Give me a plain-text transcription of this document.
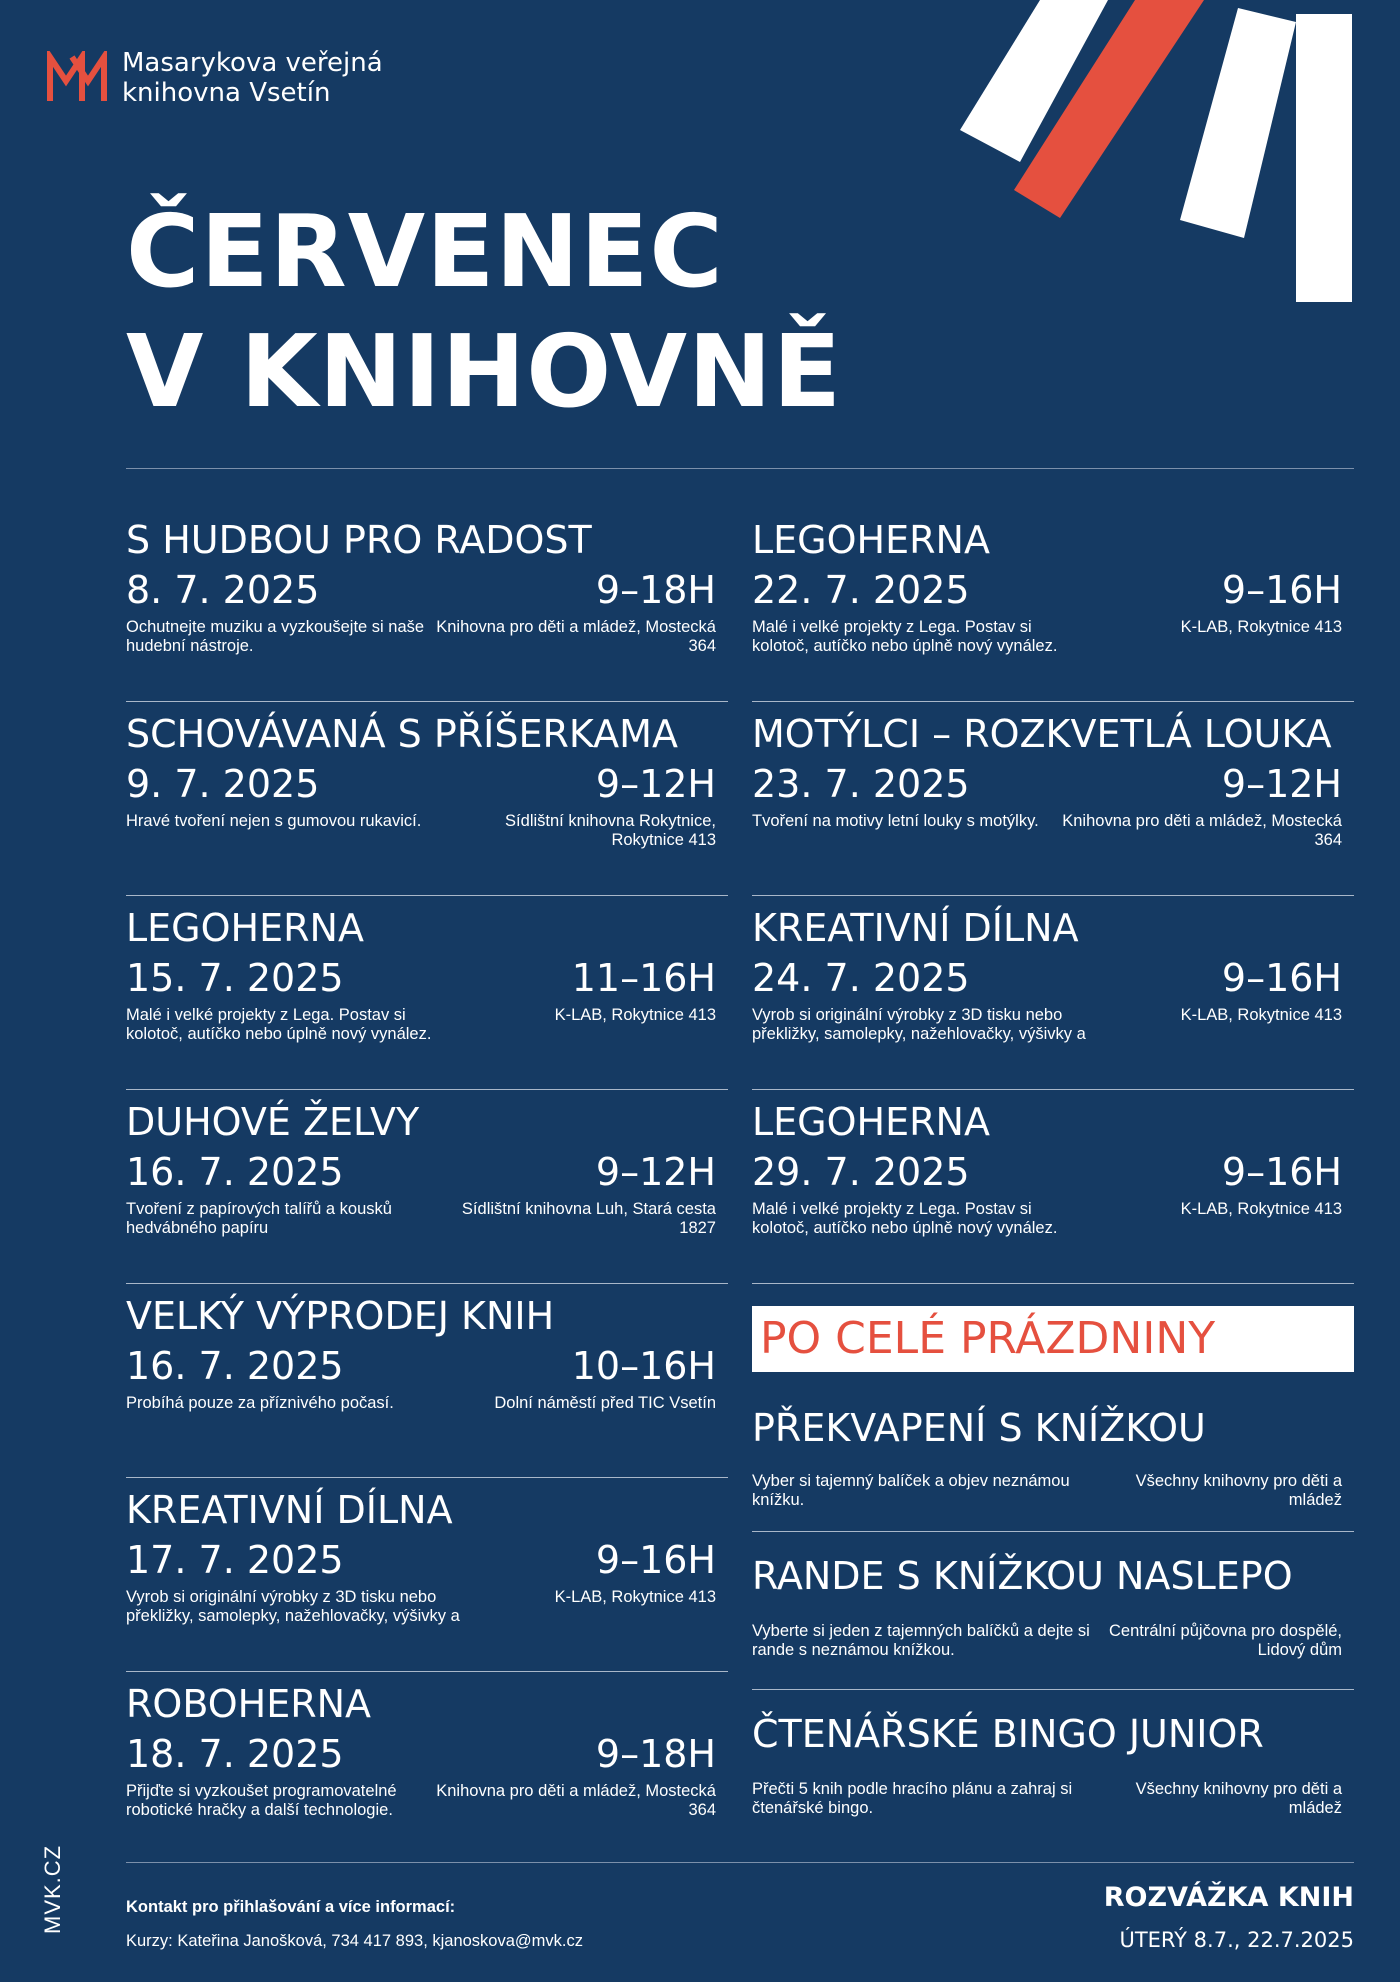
Masarykova veřejná
knihovna Vsetín
ČERVENEC
V KNIHOVNĚ
S HUDBOU PRO RADOST
8. 7. 2025	9–18H
Ochutnejte muziku a vyzkoušejte si naše hudební nástroje.
Knihovna pro děti a mládež, Mostecká 364
SCHOVÁVANÁ S PŘÍŠERKAMA
9. 7. 2025	9–12H
Hravé tvoření nejen s gumovou rukavicí.	Sídlištní knihovna Rokytnice, Rokytnice 413
LEGOHERNA
15. 7. 2025	11–16H
Malé i velké projekty z Lega. Postav si kolotoč, autíčko nebo úplně nový vynález.
K-LAB, Rokytnice 413
DUHOVÉ ŽELVY
16. 7. 2025	9–12H
Tvoření z papírových talířů a kousků hedvábného papíru
Sídlištní knihovna Luh, Stará cesta 1827
VELKÝ VÝPRODEJ KNIH
16. 7. 2025	10–16H
Probíhá pouze za příznivého počasí.	Dolní náměstí před TIC Vsetín
KREATIVNÍ DÍLNA
17. 7. 2025	9–16H
Vyrob si originální výrobky z 3D tisku nebo překližky, samolepky, nažehlovačky, výšivky a
K-LAB, Rokytnice 413
ROBOHERNA
18. 7. 2025	9–18H
Přijďte si vyzkoušet programovatelné robotické hračky a další technologie.
Knihovna pro děti a mládež, Mostecká 364
LEGOHERNA
22. 7. 2025	9–16H
Malé i velké projekty z Lega. Postav si kolotoč, autíčko nebo úplně nový vynález.
K-LAB, Rokytnice 413
MOTÝLCI – ROZKVETLÁ LOUKA
23. 7. 2025	9–12H
Tvoření na motivy letní louky s motýlky.	Knihovna pro děti a mládež, Mostecká 364
KREATIVNÍ DÍLNA
24. 7. 2025	9–16H
Vyrob si originální výrobky z 3D tisku nebo překližky, samolepky, nažehlovačky, výšivky a
K-LAB, Rokytnice 413
LEGOHERNA
29. 7. 2025	9–16H
Malé i velké projekty z Lega. Postav si kolotoč, autíčko nebo úplně nový vynález.
K-LAB, Rokytnice 413
PO CELÉ PRÁZDNINY
PŘEKVAPENÍ S KNÍŽKOU
Vyber si tajemný balíček a objev neznámou knížku.
Všechny knihovny pro děti a mládež
RANDE S KNÍŽKOU NASLEPO
Vyberte si jeden z tajemných balíčků a dejte si rande s neznámou knížkou.
Centrální půjčovna pro dospělé, Lidový dům
ČTENÁŘSKÉ BINGO JUNIOR
Přečti 5 knih podle hracího plánu a zahraj si čtenářské bingo.
Všechny knihovny pro děti a mládež
MVK.CZ	Kontakt pro přihlašování a více informací:
Kurzy: Kateřina Janošková, 734 417 893, kjanoskova@mvk.cz
ROZVÁŽKA KNIH
ÚTERÝ 8.7., 22.7.2025
